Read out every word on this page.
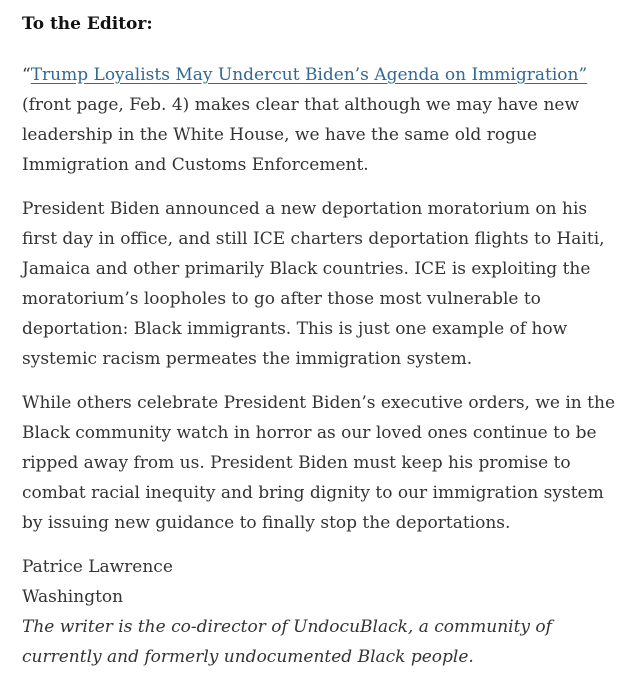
To the Editor:

“Trump Loyalists May Undercut Biden’s Agenda on Immigration” (front page, Feb. 4) makes clear that although we may have new leadership in the White House, we have the same old rogue Immigration and Customs Enforcement.

President Biden announced a new deportation moratorium on his first day in office, and still ICE charters deportation flights to Haiti, Jamaica and other primarily Black countries. ICE is exploiting the moratorium’s loopholes to go after those most vulnerable to deportation: Black immigrants. This is just one example of how systemic racism permeates the immigration system.

While others celebrate President Biden’s executive orders, we in the Black community watch in horror as our loved ones continue to be ripped away from us. President Biden must keep his promise to combat racial inequity and bring dignity to our immigration system by issuing new guidance to finally stop the deportations.

Patrice Lawrence
Washington
The writer is the co-director of UndocuBlack, a community of currently and formerly undocumented Black people.
